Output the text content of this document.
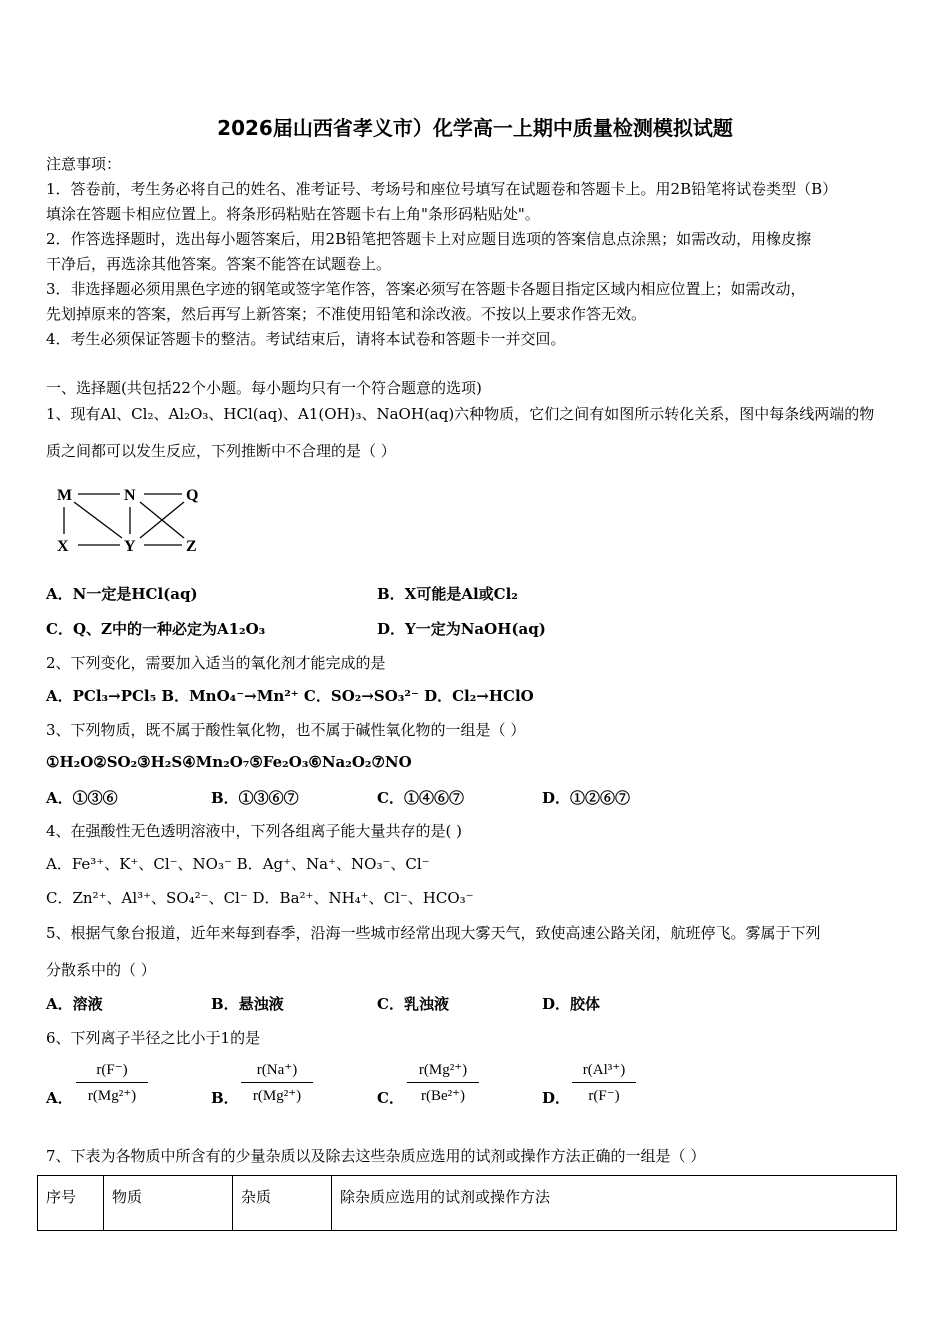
2026届山西省孝义市）化学高一上期中质量检测模拟试题
注意事项：
1．答卷前，考生务必将自己的姓名、准考证号、考场号和座位号填写在试题卷和答题卡上。用2B铅笔将试卷类型（B）
填涂在答题卡相应位置上。将条形码粘贴在答题卡右上角"条形码粘贴处"。
2．作答选择题时，选出每小题答案后，用2B铅笔把答题卡上对应题目选项的答案信息点涂黑；如需改动，用橡皮擦
干净后，再选涂其他答案。答案不能答在试题卷上。
3．非选择题必须用黑色字迹的钢笔或签字笔作答，答案必须写在答题卡各题目指定区域内相应位置上；如需改动，
先划掉原来的答案，然后再写上新答案；不准使用铅笔和涂改液。不按以上要求作答无效。
4．考生必须保证答题卡的整洁。考试结束后，请将本试卷和答题卡一并交回。
一、选择题(共包括22个小题。每小题均只有一个符合题意的选项)
1、现有Al、Cl₂、Al₂O₃、HCl(aq)、A1(OH)₃、NaOH(aq)六种物质，它们之间有如图所示转化关系，图中每条线两端的物
质之间都可以发生反应，下列推断中不合理的是（ ）
M	N	Q
X	Y	Z
A．N一定是HCl(aq)	B．X可能是Al或Cl₂
C．Q、Z中的一种必定为A1₂O₃	D．Y一定为NaOH(aq)
2、下列变化，需要加入适当的氧化剂才能完成的是
A．PCl₃→PCl₅ B．MnO₄⁻→Mn²⁺ C．SO₂→SO₃²⁻ D．Cl₂→HClO
3、下列物质，既不属于酸性氧化物，也不属于碱性氧化物的一组是（ ）
①H₂O②SO₂③H₂S④Mn₂O₇⑤Fe₂O₃⑥Na₂O₂⑦NO
A．①③⑥	B．①③⑥⑦	C．①④⑥⑦	D．①②⑥⑦
4、在强酸性无色透明溶液中，下列各组离子能大量共存的是( )
A．Fe³⁺、K⁺、Cl⁻、NO₃⁻ B．Ag⁺、Na⁺、NO₃⁻、Cl⁻
C．Zn²⁺、Al³⁺、SO₄²⁻、Cl⁻ D．Ba²⁺、NH₄⁺、Cl⁻、HCO₃⁻
5、根据气象台报道，近年来每到春季，沿海一些城市经常出现大雾天气，致使高速公路关闭，航班停飞。雾属于下列
分散系中的（ ）
A．溶液	B．悬浊液	C．乳浊液	D．胶体
6、下列离子半径之比小于1的是
A．
r(F⁻)
r(Mg²⁺)	B．
r(Na⁺)
r(Mg²⁺)	C．
r(Mg²⁺)
r(Be²⁺)	D．
r(Al³⁺)
r(F⁻)
7、下表为各物质中所含有的少量杂质以及除去这些杂质应选用的试剂或操作方法正确的一组是（ ）
序号	物质	杂质	除杂质应选用的试剂或操作方法
